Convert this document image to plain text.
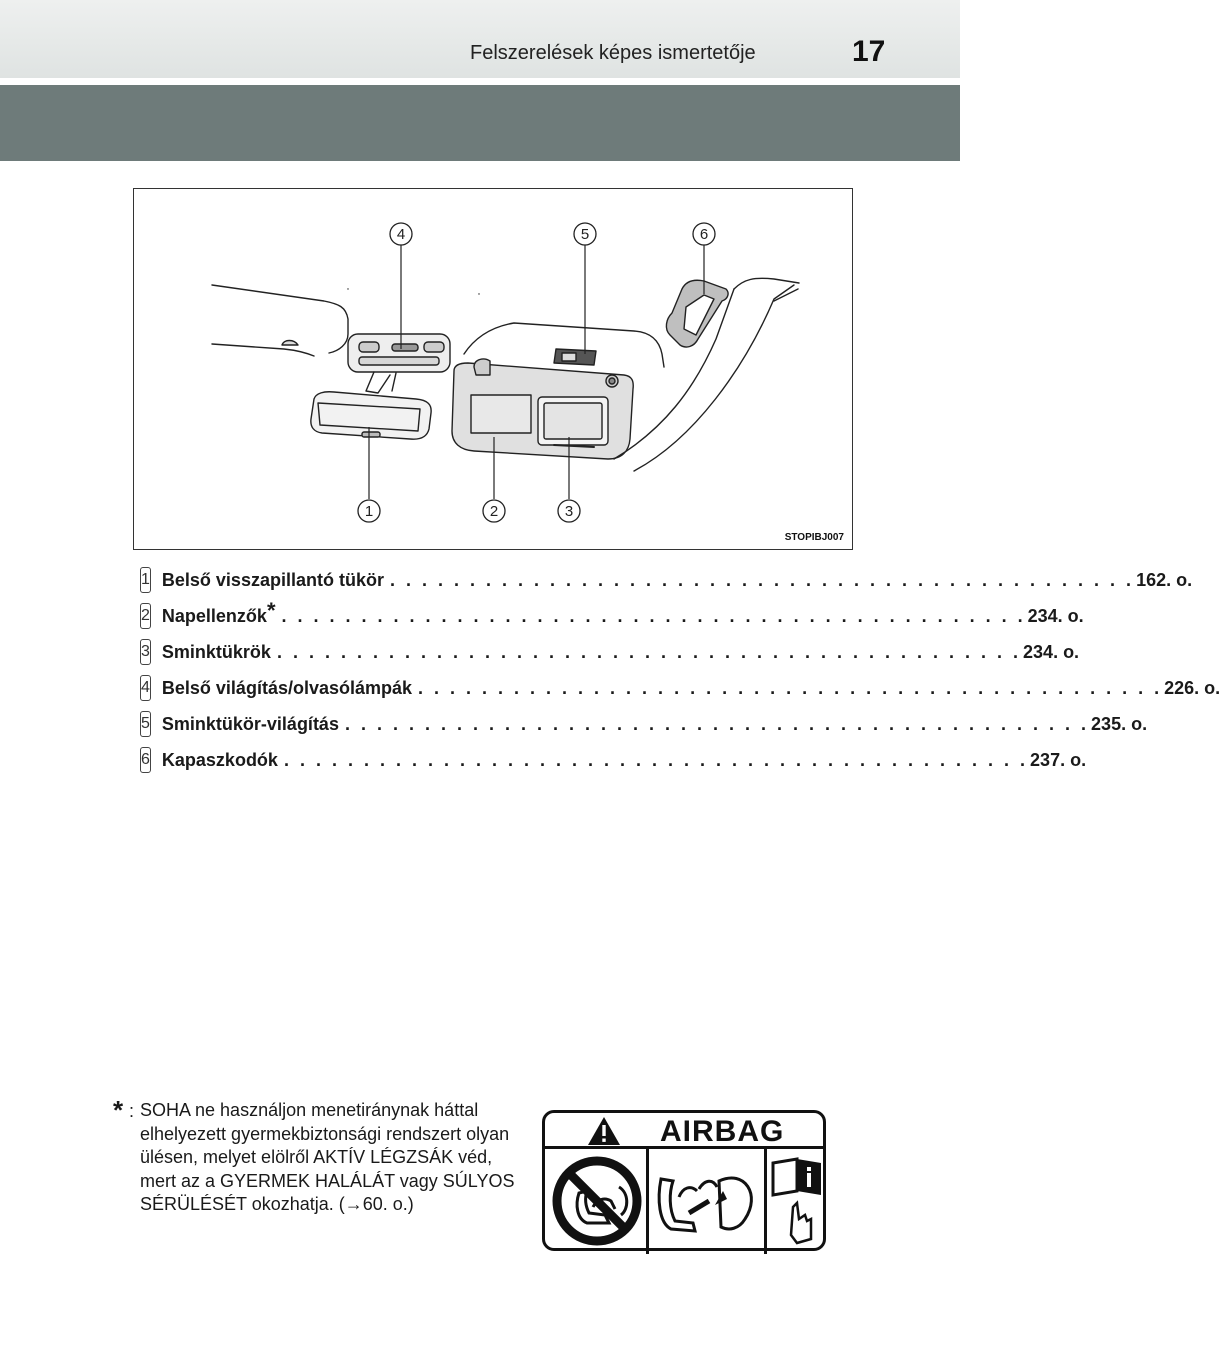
Felszerelések képes ismertetője	17
4	5	6
1	2	3
STOPIBJ007
1 Belső visszapillantó tükör . . . . . . . . . . . . . . . . . . . . . . . . . . . . . . . . . . . . . . . . . . . . . . . 162. o.
2 Napellenzők* . . . . . . . . . . . . . . . . . . . . . . . . . . . . . . . . . . . . . . . . . . . . . . . 234. o.
3 Sminktükrök . . . . . . . . . . . . . . . . . . . . . . . . . . . . . . . . . . . . . . . . . . . . . . . 234. o.
4 Belső világítás/olvasólámpák . . . . . . . . . . . . . . . . . . . . . . . . . . . . . . . . . . . . . . . . . . . . . . . 226. o.
5 Sminktükör-világítás . . . . . . . . . . . . . . . . . . . . . . . . . . . . . . . . . . . . . . . . . . . . . . . 235. o.
6 Kapaszkodók . . . . . . . . . . . . . . . . . . . . . . . . . . . . . . . . . . . . . . . . . . . . . . . 237. o.
* : SOHA ne használjon menetiránynak háttal elhelyezett gyermekbiztonsági rendszert olyan ülésen, melyet elölről AKTÍV LÉGZSÁK véd, mert az a GYERMEK HALÁLÁT vagy SÚLYOS SÉRÜLÉSÉT okozhatja. (→60. o.)
AIRBAG
